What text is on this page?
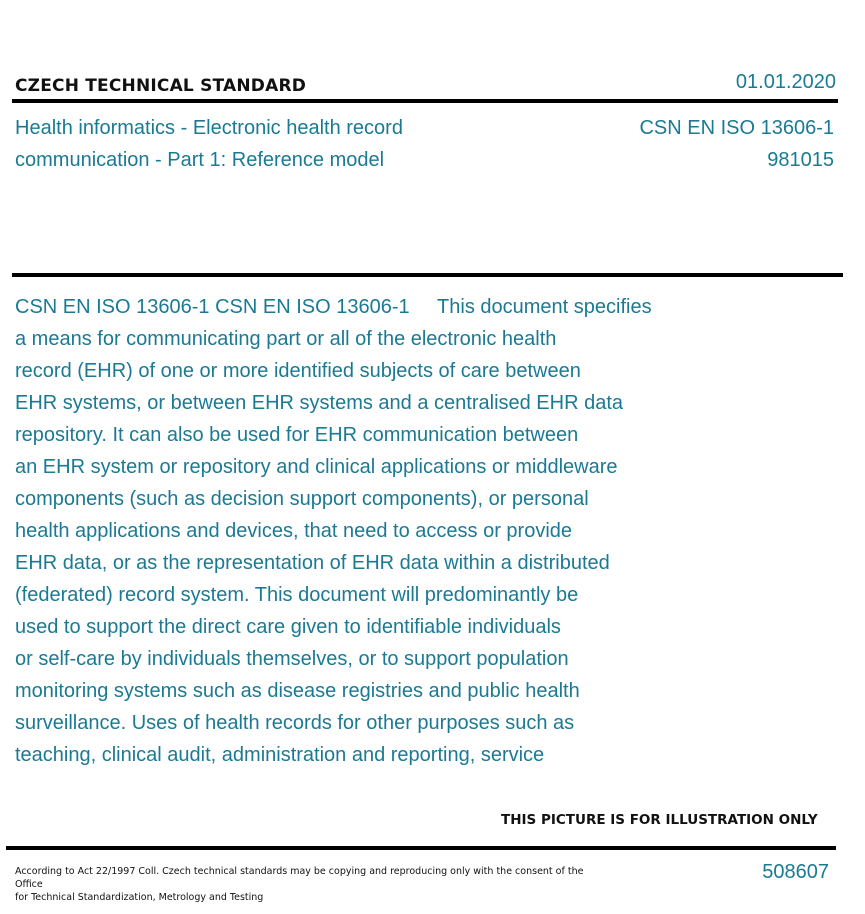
CZECH TECHNICAL STANDARD	01.01.2020
Health informatics - Electronic health record
communication - Part 1: Reference model
CSN EN ISO 13606-1
981015
CSN EN ISO 13606-1 CSN EN ISO 13606-1     This document specifies
a means for communicating part or all of the electronic health
record (EHR) of one or more identified subjects of care between
EHR systems, or between EHR systems and a centralised EHR data
repository. It can also be used for EHR communication between
an EHR system or repository and clinical applications or middleware
components (such as decision support components), or personal
health applications and devices, that need to access or provide
EHR data, or as the representation of EHR data within a distributed
(federated) record system. This document will predominantly be
used to support the direct care given to identifiable individuals
or self-care by individuals themselves, or to support population
monitoring systems such as disease registries and public health
surveillance. Uses of health records for other purposes such as
teaching, clinical audit, administration and reporting, service
THIS PICTURE IS FOR ILLUSTRATION ONLY
According to Act 22/1997 Coll. Czech technical standards may be copying and reproducing only with the consent of the Office
for Technical Standardization, Metrology and Testing
508607
